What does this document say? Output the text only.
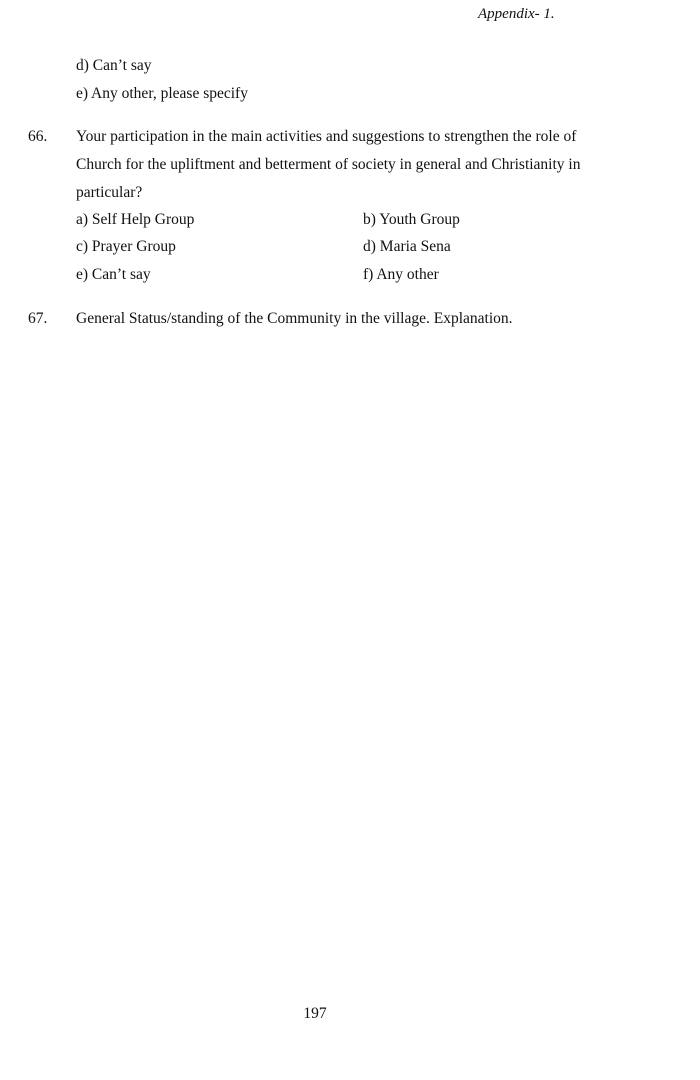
Appendix- 1.
d) Can’t say
e) Any other, please specify
66. Your participation in the main activities and suggestions to strengthen the role of
Church for the upliftment and betterment of society in general and Christianity in
particular?
a) Self Help Group	b) Youth Group
c) Prayer Group	d) Maria Sena
e) Can’t say	f) Any other
67. General Status/standing of the Community in the village. Explanation.
197
